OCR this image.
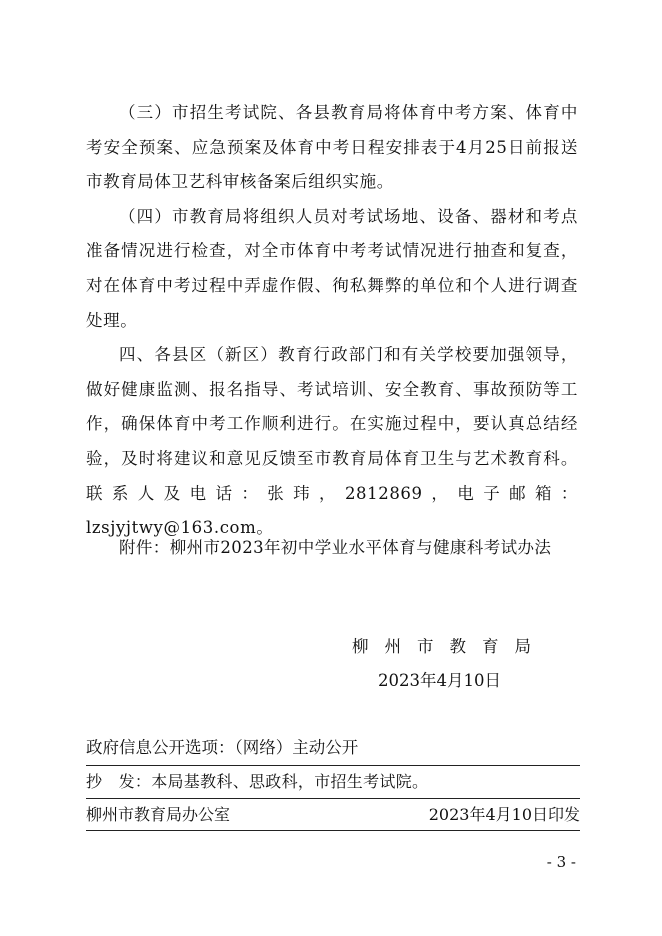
（三）市招生考试院、各县教育局将体育中考方案、体育中考安全预案、应急预案及体育中考日程安排表于4月25日前报送市教育局体卫艺科审核备案后组织实施。

（四）市教育局将组织人员对考试场地、设备、器材和考点准备情况进行检查，对全市体育中考考试情况进行抽查和复查，对在体育中考过程中弄虚作假、徇私舞弊的单位和个人进行调查处理。

四、各县区（新区）教育行政部门和有关学校要加强领导，做好健康监测、报名指导、考试培训、安全教育、事故预防等工作，确保体育中考工作顺利进行。在实施过程中，要认真总结经验，及时将建议和意见反馈至市教育局体育卫生与艺术教育科。联系人及电话：张玮，2812869，电子邮箱：lzsjyjtwy@163.com。

附件：柳州市2023年初中学业水平体育与健康科考试办法
柳州市教育局
2023年4月10日
政府信息公开选项：（网络）主动公开
抄　发：本局基教科、思政科，市招生考试院。
柳州市教育局办公室	2023年4月10日印发
- 3 -
